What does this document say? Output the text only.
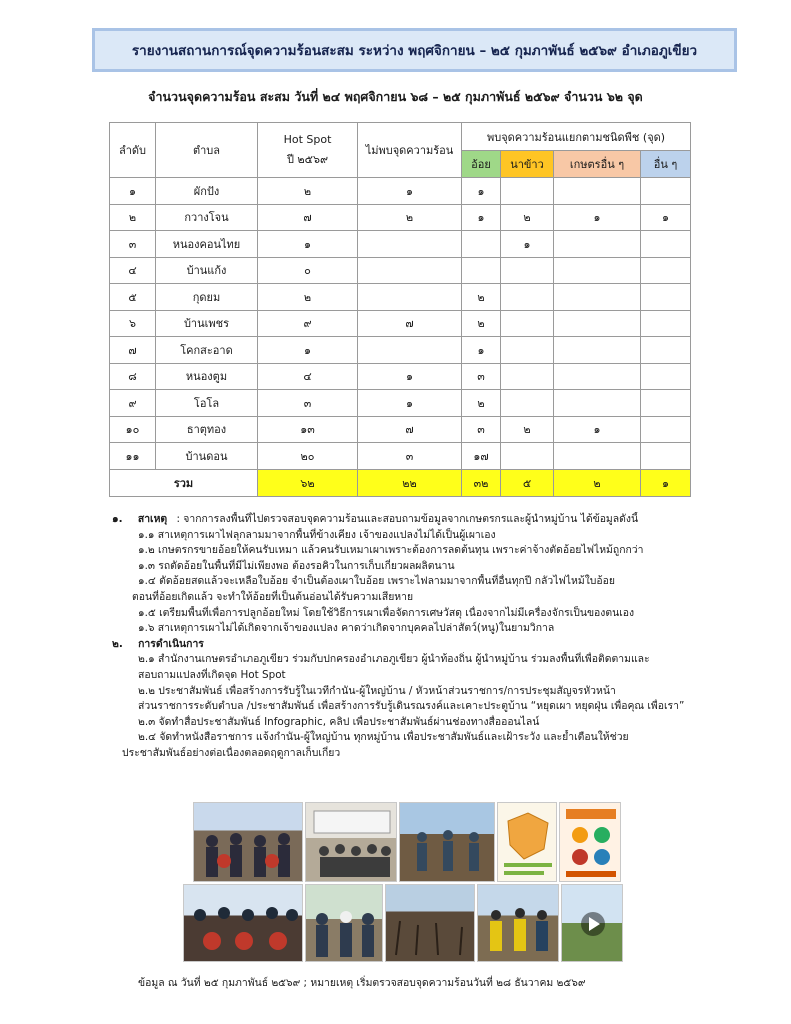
รายงานสถานการณ์จุดความร้อนสะสม ระหว่าง พฤศจิกายน – ๒๕ กุมภาพันธ์ ๒๕๖๙ อำเภอภูเขียว
จำนวนจุดความร้อน สะสม วันที่ ๒๔ พฤศจิกายน ๖๘ – ๒๕ กุมภาพันธ์ ๒๕๖๙ จำนวน ๖๒ จุด
ลำดับ	ตำบล	Hot Spot
ปี ๒๕๖๙	ไม่พบจุดความร้อน	พบจุดความร้อนแยกตามชนิดพืช (จุด)			
				อ้อย	นาข้าว	เกษตรอื่น ๆ	อื่น ๆ
๑	ผักปัง	๒	๑	๑			
๒	กวางโจน	๗	๒	๑	๒	๑	๑
๓	หนองคอนไทย	๑			๑		
๔	บ้านแก้ง	๐					
๕	กุดยม	๒		๒			
๖	บ้านเพชร	๙	๗	๒			
๗	โคกสะอาด	๑		๑			
๘	หนองตูม	๔	๑	๓			
๙	โอโล	๓	๑	๒			
๑๐	ธาตุทอง	๑๓	๗	๓	๒	๑	
๑๑	บ้านดอน	๒๐	๓	๑๗			
รวม		๖๒	๒๒	๓๒	๕	๒	๑
๑. สาเหตุ : จากการลงพื้นที่ไปตรวจสอบจุดความร้อนและสอบถามข้อมูลจากเกษตรกรและผู้นำหมู่บ้าน ได้ข้อมูลดังนี้
๑.๑ สาเหตุการเผาไฟลุกลามมาจากพื้นที่ข้างเคียง เจ้าของแปลงไม่ได้เป็นผู้เผาเอง
๑.๒ เกษตรกรขายอ้อยให้คนรับเหมา แล้วคนรับเหมาเผาเพราะต้องการลดต้นทุน เพราะค่าจ้างตัดอ้อยไฟไหม้ถูกกว่า
๑.๓ รถตัดอ้อยในพื้นที่มีไม่เพียงพอ ต้องรอคิวในการเก็บเกี่ยวผลผลิตนาน
๑.๔ ตัดอ้อยสดแล้วจะเหลือใบอ้อย จำเป็นต้องเผาใบอ้อย เพราะไฟลามมาจากพื้นที่อื่นทุกปี กลัวไฟไหม้ใบอ้อย
ตอนที่อ้อยเกิดแล้ว จะทำให้อ้อยที่เป็นต้นอ่อนได้รับความเสียหาย
๑.๕ เตรียมพื้นที่เพื่อการปลูกอ้อยใหม่ โดยใช้วิธีการเผาเพื่อจัดการเศษวัสดุ เนื่องจากไม่มีเครื่องจักรเป็นของตนเอง
๑.๖ สาเหตุการเผาไม่ได้เกิดจากเจ้าของแปลง คาดว่าเกิดจากบุคคลไปล่าสัตว์(หนู)ในยามวิกาล
๒. การดำเนินการ
๒.๑ สำนักงานเกษตรอำเภอภูเขียว ร่วมกับปกครองอำเภอภูเขียว ผู้นำท้องถิ่น ผู้นำหมู่บ้าน ร่วมลงพื้นที่เพื่อติดตามและ
สอบถามแปลงที่เกิดจุด Hot Spot
๒.๒ ประชาสัมพันธ์ เพื่อสร้างการรับรู้ในเวทีกำนัน-ผู้ใหญ่บ้าน / หัวหน้าส่วนราชการ/การประชุมสัญจรหัวหน้า
ส่วนราชการระดับตำบล /ประชาสัมพันธ์ เพื่อสร้างการรับรู้เดินรณรงค์และเคาะประตูบ้าน “หยุดเผา หยุดฝุ่น เพื่อคุณ เพื่อเรา”
๒.๓ จัดทำสื่อประชาสัมพันธ์ Infographic, คลิป เพื่อประชาสัมพันธ์ผ่านช่องทางสื่อออนไลน์
๒.๔ จัดทำหนังสือราชการ แจ้งกำนัน-ผู้ใหญ่บ้าน ทุกหมู่บ้าน เพื่อประชาสัมพันธ์และเฝ้าระวัง และย้ำเตือนให้ช่วย
ประชาสัมพันธ์อย่างต่อเนื่องตลอดฤดูกาลเก็บเกี่ยว
ข้อมูล ณ วันที่ ๒๕ กุมภาพันธ์ ๒๕๖๙ ; หมายเหตุ เริ่มตรวจสอบจุดความร้อนวันที่ ๒๘ ธันวาคม ๒๕๖๙
